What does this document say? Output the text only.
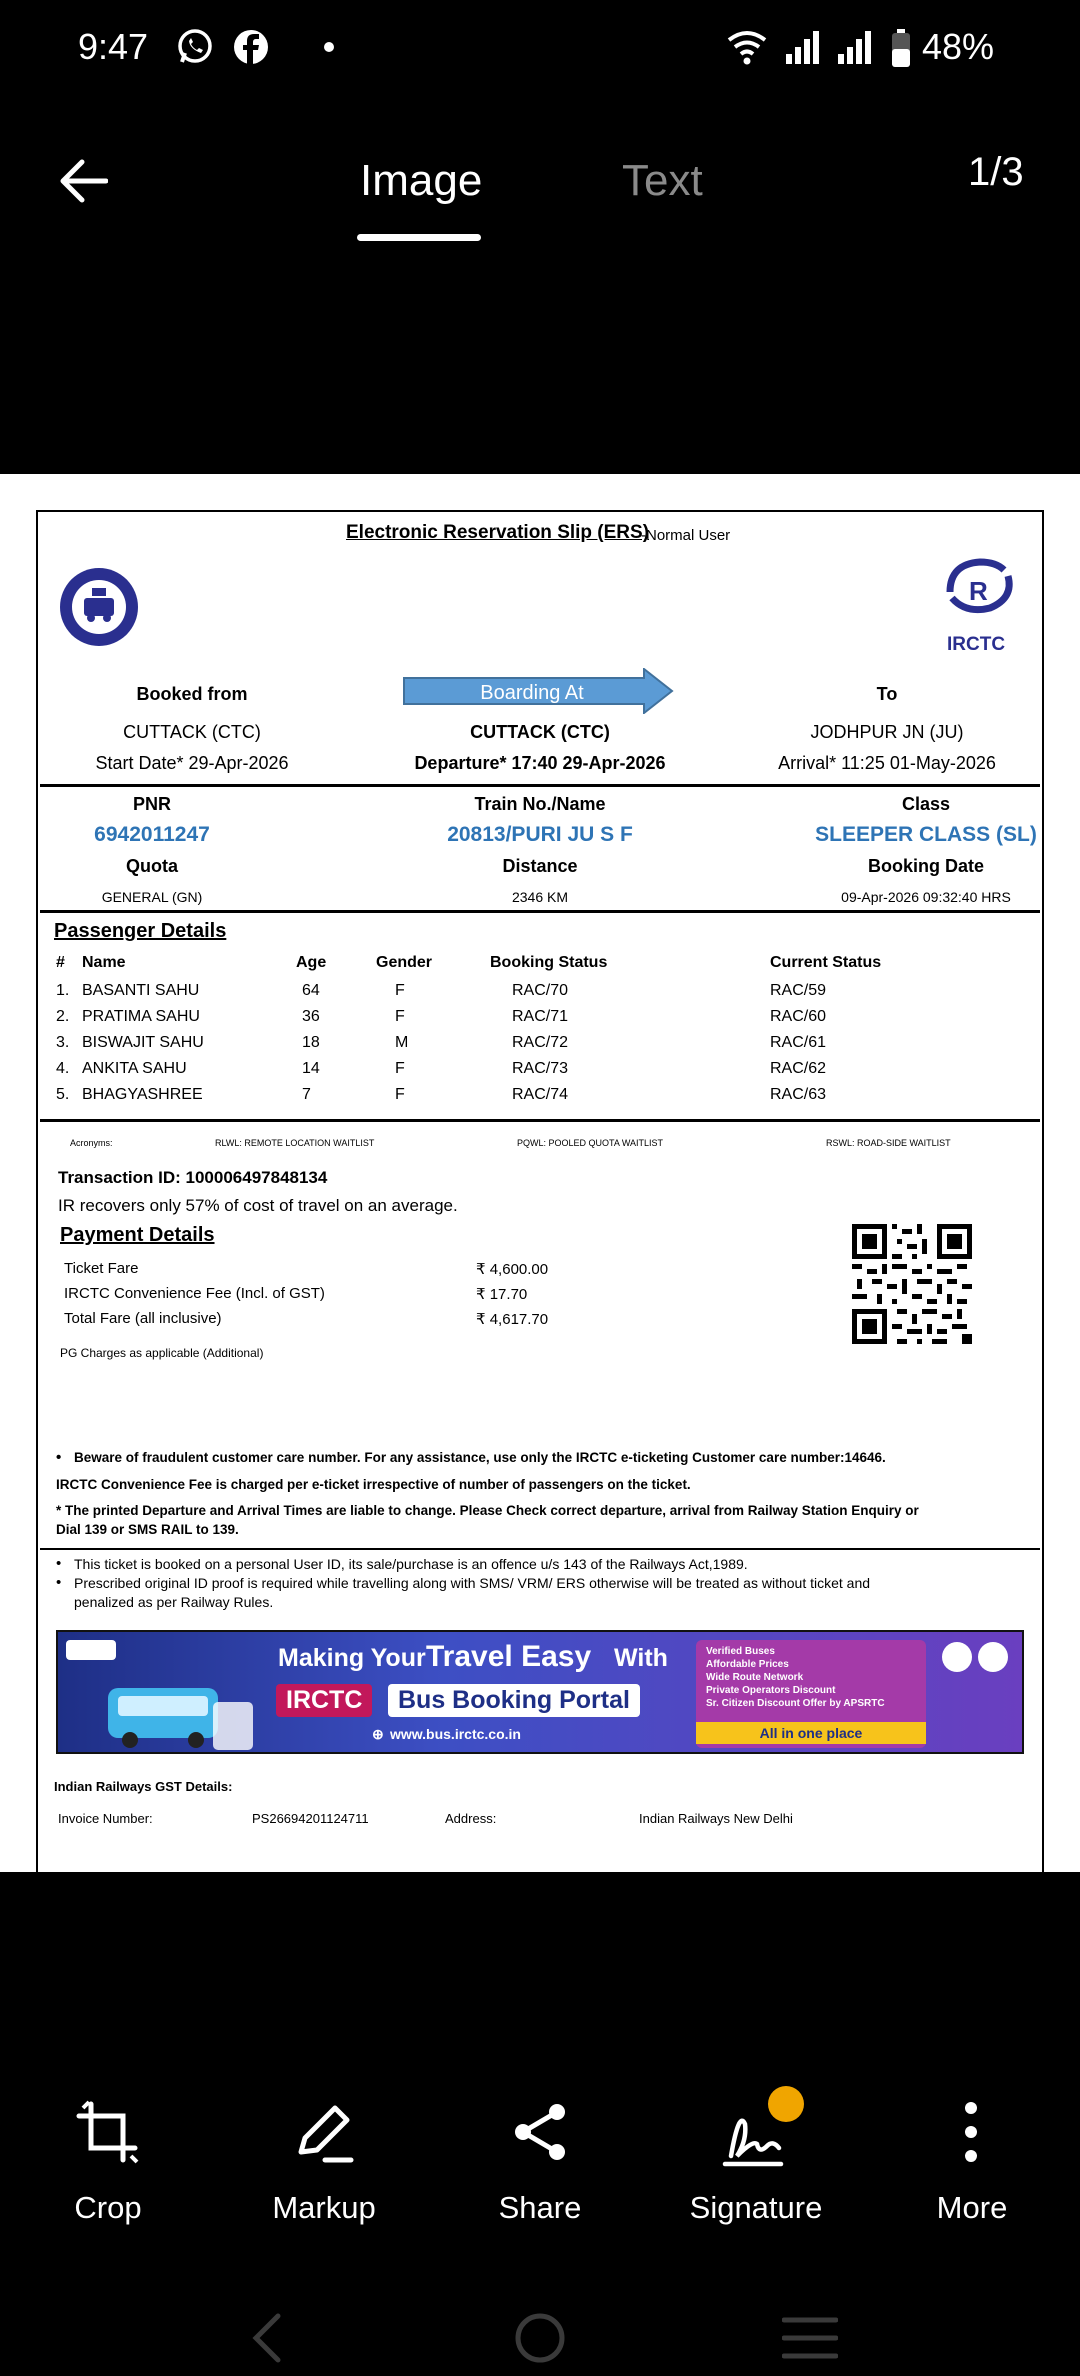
9:47	48%
Image	Text	1/3
Electronic Reservation Slip (ERS)
-Normal User
R
IRCTC
Booked from	Boarding At	To
CUTTACK (CTC)	CUTTACK (CTC)	JODHPUR JN (JU)
Start Date* 29-Apr-2026	Departure* 17:40 29-Apr-2026	Arrival* 11:25 01-May-2026
PNR	Train No./Name	Class
6942011247	20813/PURI JU S F	SLEEPER CLASS (SL)
Quota	Distance	Booking Date
GENERAL (GN)	2346 KM	09-Apr-2026 09:32:40 HRS
Passenger Details
# Name	Age	Gender	Booking Status	Current Status
1. BASANTI SAHU	64	F	RAC/70	RAC/59
2. PRATIMA SAHU	36	F	RAC/71	RAC/60
3. BISWAJIT SAHU	18	M	RAC/72	RAC/61
4. ANKITA SAHU	14	F	RAC/73	RAC/62
5. BHAGYASHREE	7	F	RAC/74	RAC/63
Acronyms:	RLWL: REMOTE LOCATION WAITLIST	PQWL: POOLED QUOTA WAITLIST	RSWL: ROAD-SIDE WAITLIST
Transaction ID: 100006497848134
IR recovers only 57% of cost of travel on an average.
Payment Details
Ticket Fare	₹ 4,600.00
IRCTC Convenience Fee (Incl. of GST)	₹ 17.70
Total Fare (all inclusive)	₹ 4,617.70
PG Charges as applicable (Additional)
• Beware of fraudulent customer care number. For any assistance, use only the IRCTC e-ticketing Customer care number:14646.
IRCTC Convenience Fee is charged per e-ticket irrespective of number of passengers on the ticket.
* The printed Departure and Arrival Times are liable to change. Please Check correct departure, arrival from Railway Station Enquiry or
Dial 139 or SMS RAIL to 139.
• This ticket is booked on a personal User ID, its sale/purchase is an offence u/s 143 of the Railways Act,1989.
• Prescribed original ID proof is required while travelling along with SMS/ VRM/ ERS otherwise will be treated as without ticket and
penalized as per Railway Rules.
Making Your Travel Easy With
IRCTC	Bus Booking Portal
⊕ www.bus.irctc.co.in
Verified Buses
Affordable Prices
Wide Route Network
Private Operators Discount
Sr. Citizen Discount Offer by APSRTC
All in one place
Indian Railways GST Details:
Invoice Number:	PS26694201124711	Address:	Indian Railways New Delhi
Crop	Markup	Share	Signature	More
